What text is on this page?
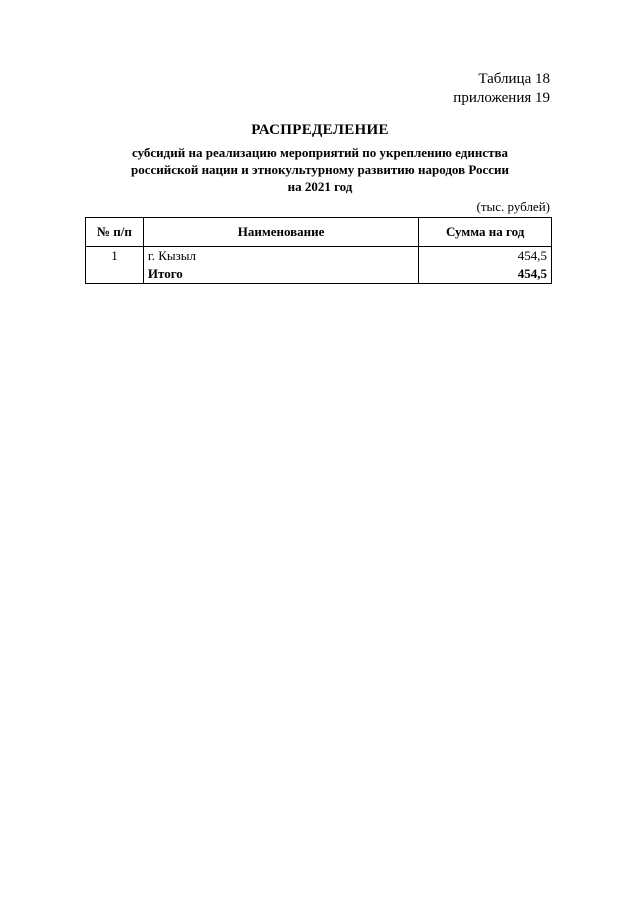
Таблица 18
приложения 19
РАСПРЕДЕЛЕНИЕ
субсидий на реализацию мероприятий по укреплению единства
российской нации и этнокультурному развитию народов России
на 2021 год
(тыс. рублей)
№ п/п	Наименование	Сумма на год
1	г. Кызыл	454,5
	Итого	454,5
